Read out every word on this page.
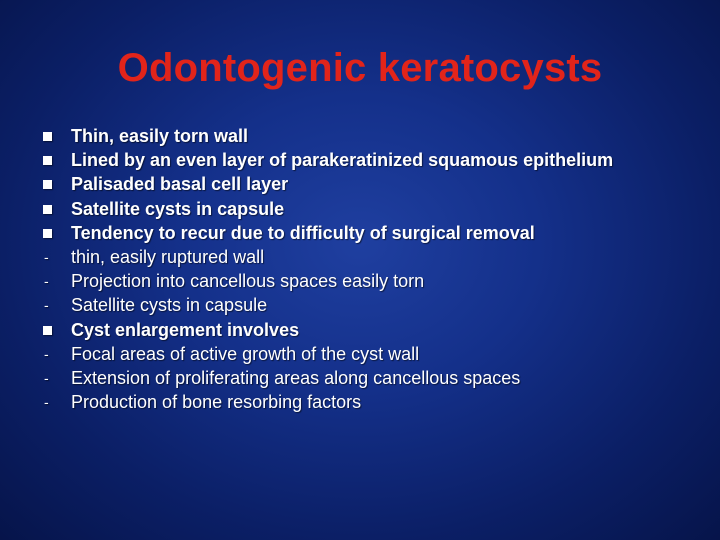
Odontogenic keratocysts
Thin, easily torn wall
Lined by an even layer of parakeratinized squamous epithelium
Palisaded basal cell layer
Satellite cysts in capsule
Tendency to recur due to difficulty of surgical removal
- thin, easily ruptured wall
- Projection into cancellous spaces easily torn
- Satellite cysts in capsule
Cyst enlargement involves
- Focal areas of active growth of the cyst wall
- Extension of proliferating areas along cancellous spaces
- Production of bone resorbing factors
